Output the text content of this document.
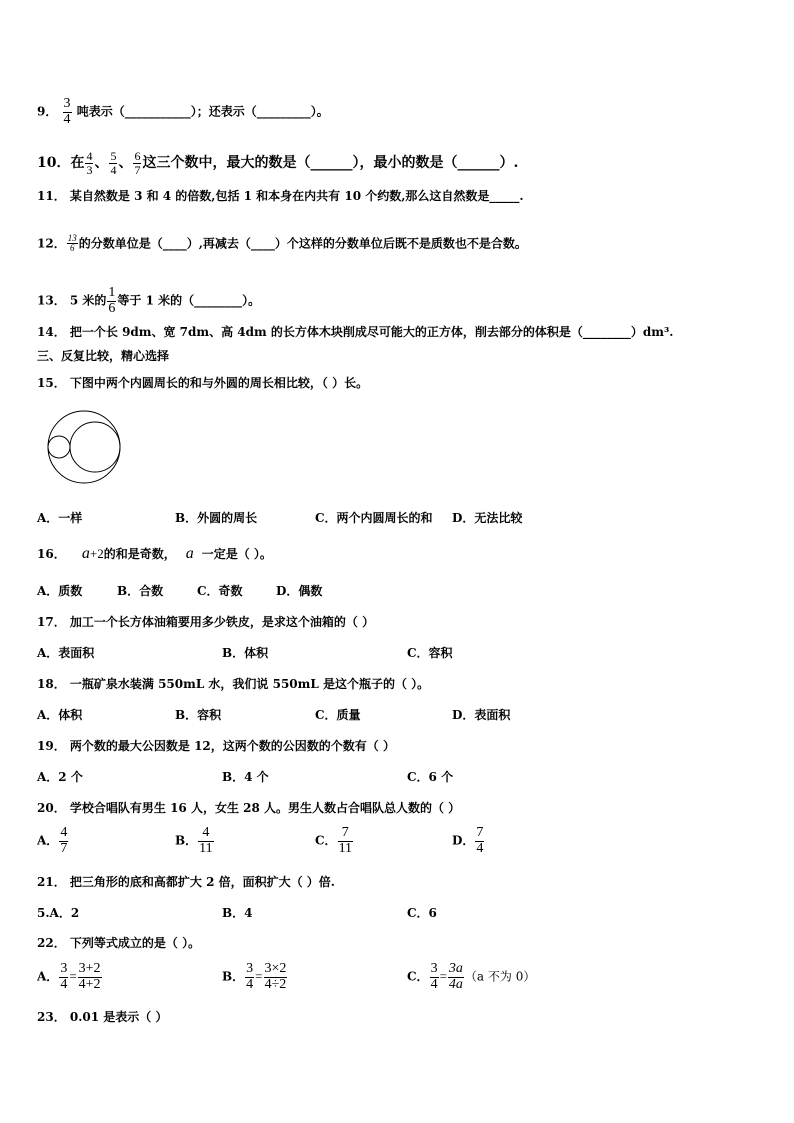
9． $\frac{3}{4}$ 吨表示（___________）；还表示（_________）。
10．在 $\frac{4}{3}$ 、 $\frac{5}{4}$ 、 $\frac{6}{7}$ 这三个数中，最大的数是（______），最小的数是（______）.
11． 某自然数是 3 和 4 的倍数,包括 1 和本身在内共有 10 个约数,那么这自然数是_____.
12． $\frac{13}{6}$ 的分数单位是（____）,再减去（____）个这样的分数单位后既不是质数也不是合数。
13． 5 米的 $\frac{1}{6}$ 等于 1 米的（________）。
14． 把一个长 9dm、宽 7dm、高 4dm 的长方体木块削成尽可能大的正方体，削去部分的体积是（________）dm³.
三、反复比较，精心选择
15． 下图中两个内圆周长的和与外圆的周长相比较，（ ）长。
A．一样	B．外圆的周长	C．两个内圆周长的和 D．无法比较
16． a+2的和是奇数， a 一定是（ ）。
A．质数	B．合数	C．奇数	D．偶数
17． 加工一个长方体油箱要用多少铁皮，是求这个油箱的（ ）
A．表面积	B．体积	C．容积
18． 一瓶矿泉水装满 550mL 水，我们说 550mL 是这个瓶子的（ ）。
A．体积	B．容积	C．质量	D．表面积
19． 两个数的最大公因数是 12，这两个数的公因数的个数有（ ）
A．2 个	B．4 个	C．6 个
20． 学校合唱队有男生 16 人，女生 28 人。男生人数占合唱队总人数的（ ）
A． $\frac{4}{7}$	B． $\frac{4}{11}$	C． $\frac{7}{11}$	D． $\frac{7}{4}$
21． 把三角形的底和高都扩大 2 倍，面积扩大（ ）倍.
5.A．2	B．4	C．6
22． 下列等式成立的是（ ）。
A． $\frac{3}{4} = \frac{3+2}{4+2}$	B． $\frac{3}{4} = \frac{3\times 2}{4\div 2}$	C． $\frac{3}{4} = \frac{3a}{4a} (a$ 不为 0）
23． 0.01 是表示（ ）
